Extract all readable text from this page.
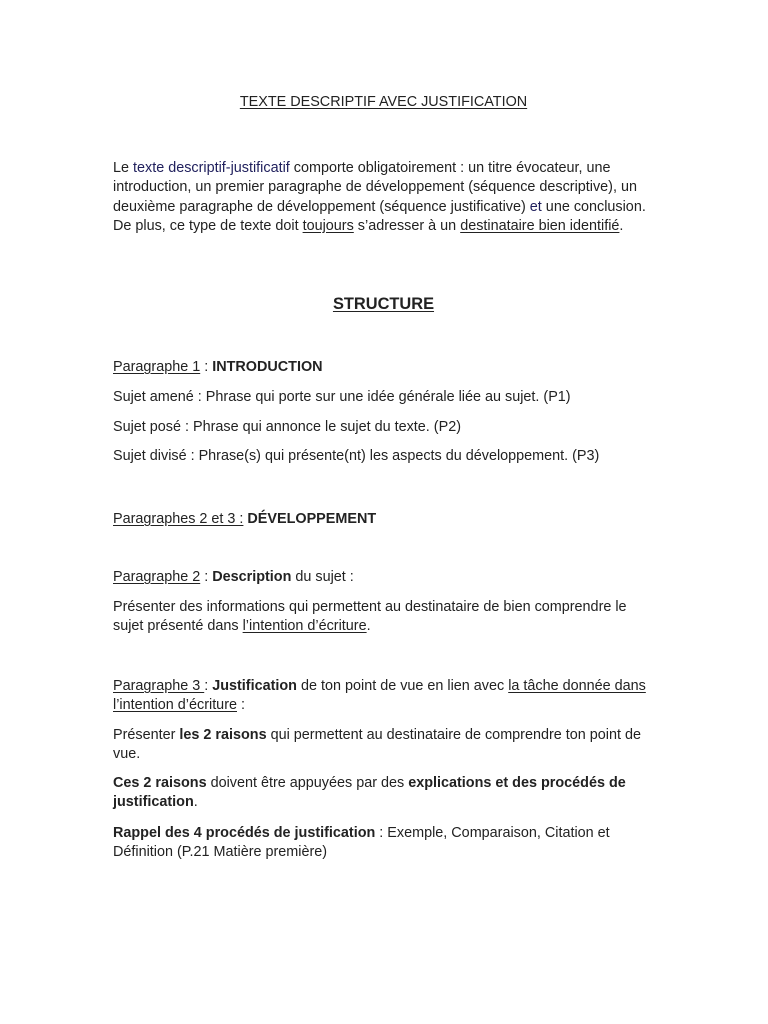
TEXTE DESCRIPTIF AVEC JUSTIFICATION

Le texte descriptif-justificatif comporte obligatoirement : un titre évocateur, une introduction, un premier paragraphe de développement (séquence descriptive), un deuxième paragraphe de développement (séquence justificative) et une conclusion. De plus, ce type de texte doit toujours s’adresser à un destinataire bien identifié.

STRUCTURE

Paragraphe 1 : INTRODUCTION

Sujet amené : Phrase qui porte sur une idée générale liée au sujet. (P1)

Sujet posé : Phrase qui annonce le sujet du texte. (P2)

Sujet divisé : Phrase(s) qui présente(nt) les aspects du développement. (P3)

Paragraphes 2 et 3 : DÉVELOPPEMENT

Paragraphe 2 : Description du sujet :

Présenter des informations qui permettent au destinataire de bien comprendre le sujet présenté dans l’intention d’écriture.

Paragraphe 3 : Justification de ton point de vue en lien avec la tâche donnée dans l’intention d’écriture :

Présenter les 2 raisons qui permettent au destinataire de comprendre ton point de vue.

Ces 2 raisons doivent être appuyées par des explications et des procédés de justification.

Rappel des 4 procédés de justification : Exemple, Comparaison, Citation et Définition (P.21 Matière première)
